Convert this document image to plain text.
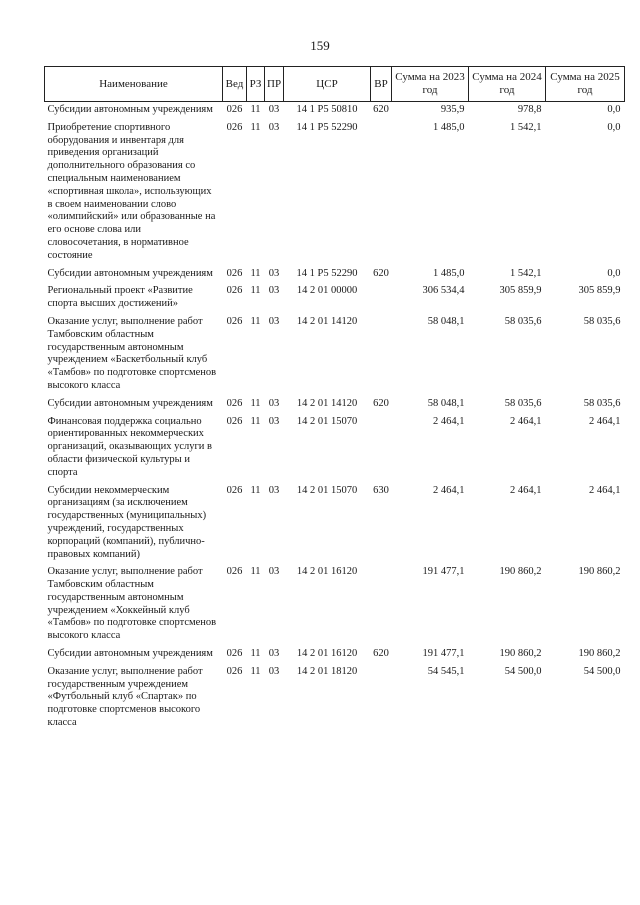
159
Наименование	Вед	РЗ	ПР	ЦСР	ВР	Сумма на 2023 год	Сумма на 2024 год	Сумма на 2025 год
Субсидии автономным учреждениям	026	11	03	14 1 P5 50810	620	935,9	978,8	0,0
Приобретение спортивного оборудования и инвентаря для приведения организаций дополнительного образования со специальным наименованием «спортивная школа», использующих в своем наименовании слово «олимпийский» или образованные на его основе слова или словосочетания, в нормативное состояние	026	11	03	14 1 P5 52290		1 485,0	1 542,1	0,0
Субсидии автономным учреждениям	026	11	03	14 1 P5 52290	620	1 485,0	1 542,1	0,0
Региональный проект «Развитие спорта высших достижений»	026	11	03	14 2 01 00000		306 534,4	305 859,9	305 859,9
Оказание услуг, выполнение работ Тамбовским областным государственным автономным учреждением «Баскетбольный клуб «Тамбов» по подготовке спортсменов высокого класса	026	11	03	14 2 01 14120		58 048,1	58 035,6	58 035,6
Субсидии автономным учреждениям	026	11	03	14 2 01 14120	620	58 048,1	58 035,6	58 035,6
Финансовая поддержка социально ориентированных некоммерческих организаций, оказывающих услуги в области физической культуры и спорта	026	11	03	14 2 01 15070		2 464,1	2 464,1	2 464,1
Субсидии некоммерческим организациям (за исключением государственных (муниципальных) учреждений, государственных корпораций (компаний), публично-правовых компаний)	026	11	03	14 2 01 15070	630	2 464,1	2 464,1	2 464,1
Оказание услуг, выполнение работ Тамбовским областным государственным автономным учреждением «Хоккейный клуб «Тамбов» по подготовке спортсменов высокого класса	026	11	03	14 2 01 16120		191 477,1	190 860,2	190 860,2
Субсидии автономным учреждениям	026	11	03	14 2 01 16120	620	191 477,1	190 860,2	190 860,2
Оказание услуг, выполнение работ государственным учреждением «Футбольный клуб «Спартак» по подготовке спортсменов высокого класса	026	11	03	14 2 01 18120		54 545,1	54 500,0	54 500,0
